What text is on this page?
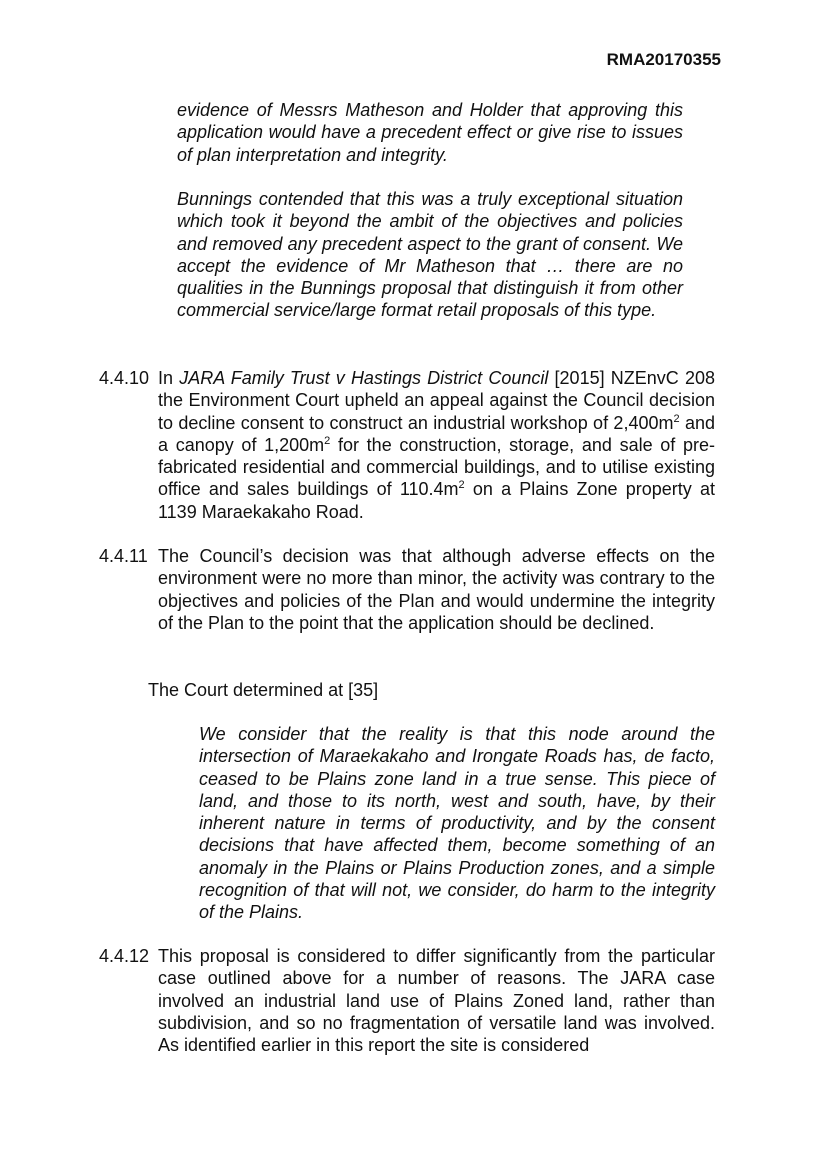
RMA20170355

evidence of Messrs Matheson and Holder that approving this application would have a precedent effect or give rise to issues of plan interpretation and integrity.

Bunnings contended that this was a truly exceptional situation which took it beyond the ambit of the objectives and policies and removed any precedent aspect to the grant of consent. We accept the evidence of Mr Matheson that … there are no qualities in the Bunnings proposal that distinguish it from other commercial service/large format retail proposals of this type.

4.4.10 In JARA Family Trust v Hastings District Council [2015] NZEnvC 208 the Environment Court upheld an appeal against the Council decision to decline consent to construct an industrial workshop of $2,400m^2$ and a canopy of $1,200m^2$ for the construction, storage, and sale of pre-fabricated residential and commercial buildings, and to utilise existing office and sales buildings of $110.4m^2$ on a Plains Zone property at 1139 Maraekakaho Road.

4.4.11 The Council’s decision was that although adverse effects on the environment were no more than minor, the activity was contrary to the objectives and policies of the Plan and would undermine the integrity of the Plan to the point that the application should be declined.

The Court determined at [35]

We consider that the reality is that this node around the intersection of Maraekakaho and Irongate Roads has, de facto, ceased to be Plains zone land in a true sense. This piece of land, and those to its north, west and south, have, by their inherent nature in terms of productivity, and by the consent decisions that have affected them, become something of an anomaly in the Plains or Plains Production zones, and a simple recognition of that will not, we consider, do harm to the integrity of the Plains.

4.4.12 This proposal is considered to differ significantly from the particular case outlined above for a number of reasons. The JARA case involved an industrial land use of Plains Zoned land, rather than subdivision, and so no fragmentation of versatile land was involved. As identified earlier in this report the site is considered
